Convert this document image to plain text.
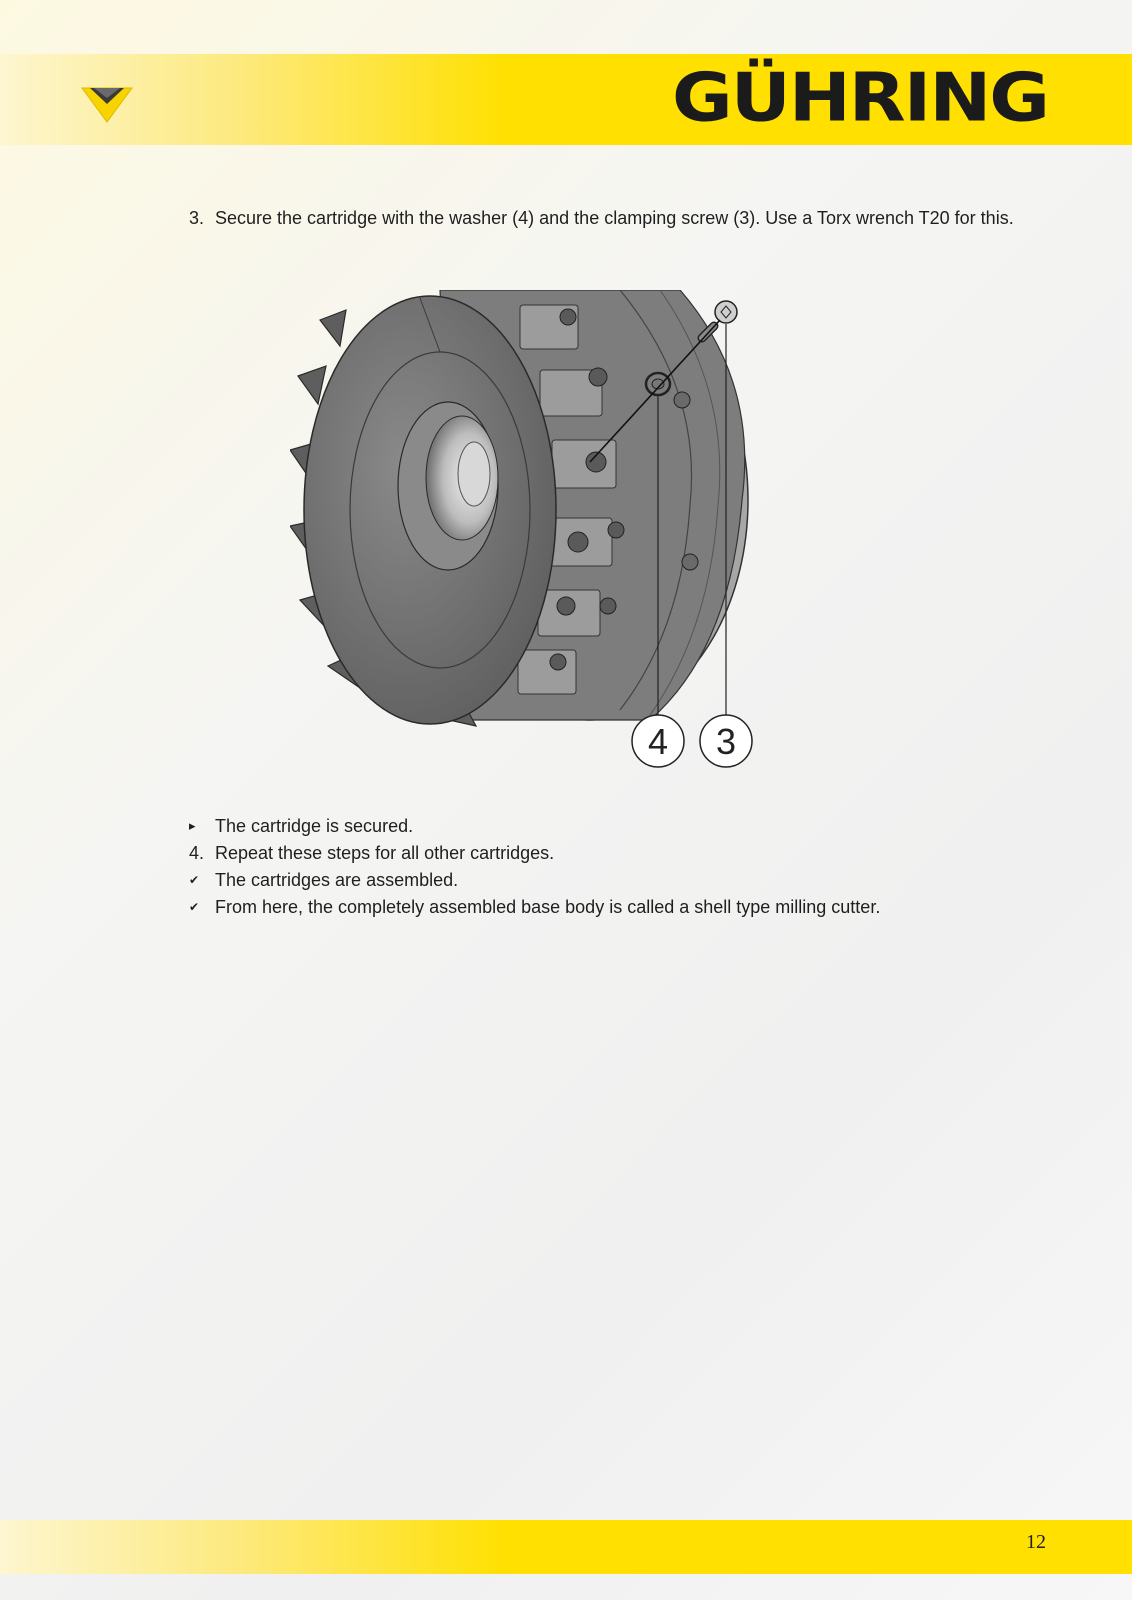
GÜHRING
3. Secure the cartridge with the washer (4) and the clamping screw (3). Use a Torx wrench T20 for this.
4 3
▸	The cartridge is secured.
4. Repeat these steps for all other cartridges.
✔ The cartridges are assembled.
✔ From here, the completely assembled base body is called a shell type milling cutter.
12
